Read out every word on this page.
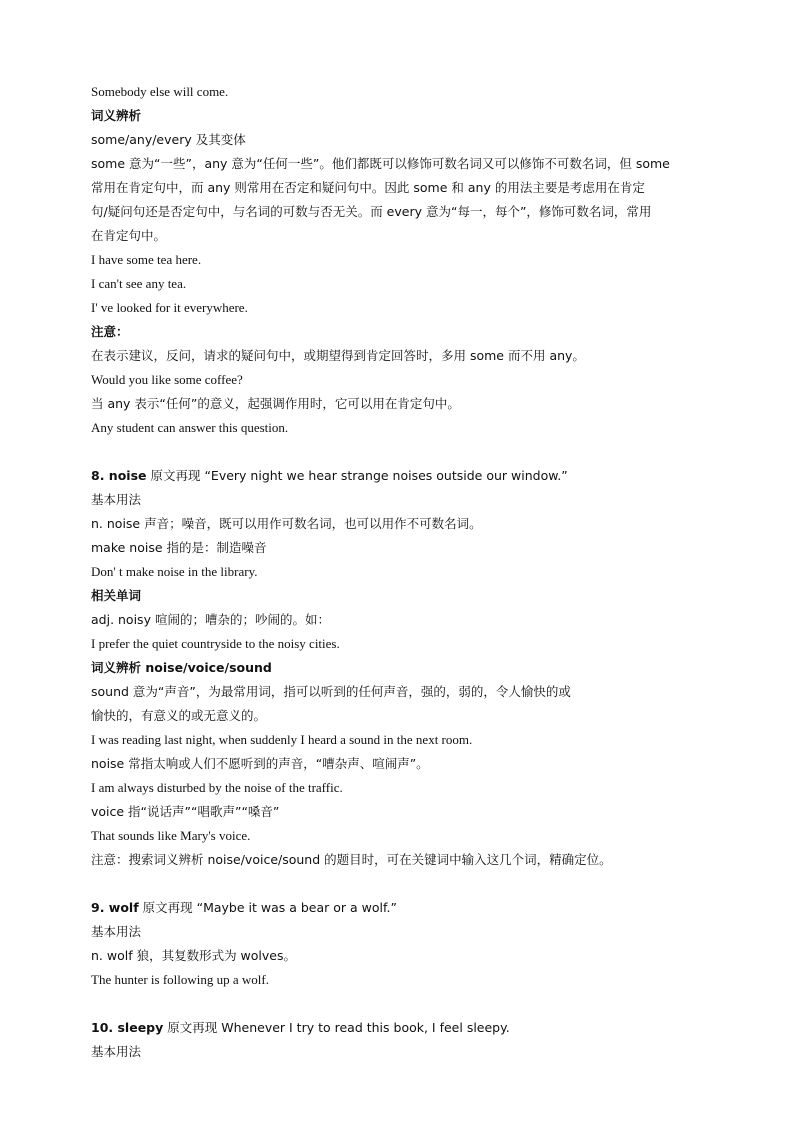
Somebody else will come.
词义辨析
some/any/every 及其变体
some 意为“一些”，any 意为“任何一些”。他们都既可以修饰可数名词又可以修饰不可数名词，但 some
常用在肯定句中，而 any 则常用在否定和疑问句中。因此 some 和 any 的用法主要是考虑用在肯定
句/疑问句还是否定句中，与名词的可数与否无关。而 every 意为“每一，每个”，修饰可数名词，常用
在肯定句中。
I have some tea here.
I can't see any tea.
I' ve looked for it everywhere.
注意：
在表示建议，反问，请求的疑问句中，或期望得到肯定回答时，多用 some 而不用 any。
Would you like some coffee?
当 any 表示“任何”的意义，起强调作用时，它可以用在肯定句中。
Any student can answer this question.
8. noise 原文再现 “Every night we hear strange noises outside our window.”
基本用法
n. noise 声音；噪音，既可以用作可数名词，也可以用作不可数名词。
make noise 指的是：制造噪音
Don' t make noise in the library.
相关单词
adj. noisy 喧闹的；嘈杂的；吵闹的。如：
I prefer the quiet countryside to the noisy cities.
词义辨析 noise/voice/sound
sound 意为“声音”，为最常用词，指可以听到的任何声音，强的，弱的，令人愉快的或
愉快的，有意义的或无意义的。
I was reading last night, when suddenly I heard a sound in the next room.
noise 常指太响或人们不愿听到的声音，“嘈杂声、喧闹声”。
I am always disturbed by the noise of the traffic.
voice 指“说话声”“唱歌声”“嗓音”
That sounds like Mary's voice.
注意：搜索词义辨析 noise/voice/sound 的题目时，可在关键词中输入这几个词，精确定位。
9. wolf 原文再现 “Maybe it was a bear or a wolf.”
基本用法
n. wolf 狼，其复数形式为 wolves。
The hunter is following up a wolf.
10. sleepy 原文再现 Whenever I try to read this book, I feel sleepy.
基本用法
